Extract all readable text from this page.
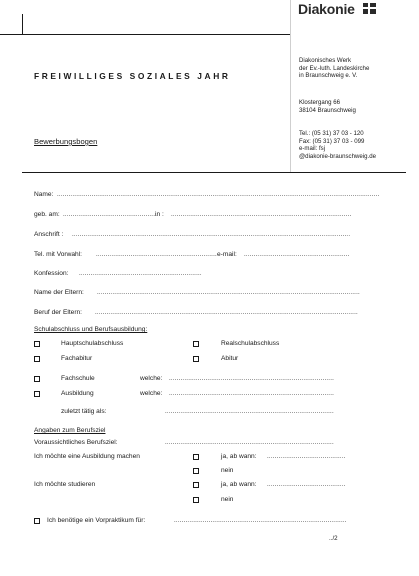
Diakonie
FREIWILLIGES SOZIALES JAHR
Diakonisches Werk
der Ev.-luth. Landeskirche
in Braunschweig e. V.
Klostergang 66
38104 Braunschweig
Tel.: (05 31) 37 03 - 120
Fax: (05 31) 37 03 - 099
e-mail: fsj
@diakonie-braunschweig.de
Bewerbungsbogen
Name: ........................................................................................................................................................................
geb. am: .................................................
in : ..............................................................................................
Anschrift : .................................................................................................................................................
Tel. mit Vorwahl: ............................................................... e-mail: .......................................................
Konfession: ................................................................
Name der Eltern: .........................................................................................................................................
Beruf der Eltern: .........................................................................................................................................
Schulabschluss und Berufsausbildung:
Hauptschulabschluss	Realschulabschluss
Fachabitur	Abitur
Fachschule	welche: ......................................................................................
Ausbildung	welche: ......................................................................................
zuletzt tätig als:	........................................................................................
Angaben zum Berufsziel
Voraussichtliches Berufsziel:	........................................................................................
Ich möchte eine Ausbildung machen	ja, ab wann: .........................................
nein
Ich möchte studieren	ja, ab wann: .........................................
nein
Ich benötige ein Vorpraktikum für:	..........................................................................................
../2
